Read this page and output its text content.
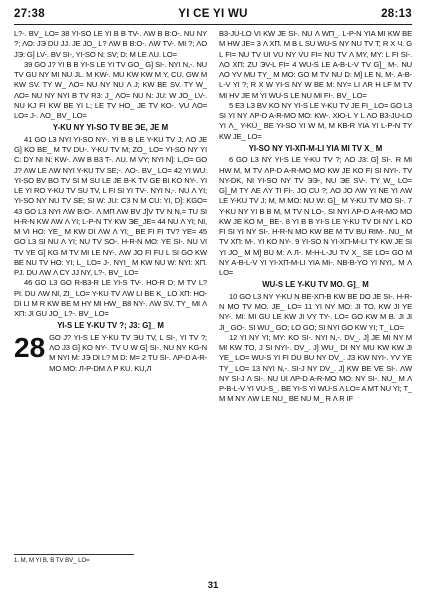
27:38	28:13
YI CE YI WU

L?-. BV_ LO= 38 YI-SO LE YI B B TV-. ΛW B B:O-. NU NY ?; ΛO: JЭ DU JJ. JE JO_ L? ΛW B B:O-. ΛW TV-. MI ?; ΛO JЭ: G] LV-. BV SI-, YI-SO N: SV; D: M LE ΛU. LO=

39 GO J? YI B B YI-S LE YI TV GO_ G] SI-. NYI N,-. NU TV GU NY MI NU JL. M KW-. MU KW KW M Y, CU. GW M KW SV. TY W_ ΛO= NU NY NU Λ J; KW BE SV. TY W_ ΛO= NU NY NYI B TV R3: J_ ΛO= NU N: JU: W JO_ LV-. NU KJ FI KW BE YI L; LE TV HO_ JE TV KO-. VU ΛO= LO= J-. ΛO_ BV_ LO=

Y-KU NY YI-SO TV BE ЭE, JE M

41 GO L3 NYI YI-SO NY-. YI B B LE Y-KU TV J; ΛO JE G] KO BE_ M TV DU-. Y-KU TV M; ZO_ LO= YI-SO NY YI C: DY NI N: KW-. ΛW B B3 T-. ΛU. M VY; NYI N]: L,O= GO J? ΛW LE ΛW NYI Y-KU TV SE;-. ΛO-. BV_ LO= 42 YI WU: YI-SO BV BO TV SI M SU LE JE B-K TV GE BI KO NY-. YI LE YI RO Y-KU TV SU TV, L FI SI YI TV-. NYI N,-. NU Λ YI; YI-SO NY NU TV SE; SI W: JU: C3 N M CU: YI, D]: KGO= 43 GO L3 NYI ΛW B:O-. Λ MΠ ΛW BV J]V TV N N,= TU SI H-R-N KW ΛW Λ YI; L-P-N TY KW ЭE_JE= 44 NU Λ YI; NI, M VI HO: YE_ M KW DI ΛW Λ YI;_ BE FI FI TV? YE= 45 GO L3 SI NU Λ YI; NU TV SO-. H-R-N MO: YE SI-. NU VI TV YE G] KG M TV MI LE NY-. ΛW JO FI FU L SI GO KW BE NU TV HO: YI; L_ LO= J-. NYI_ M KW NU W: NYI: XП. PJ. DU ΛW Λ CY JJ NY, L?-. BV_ LO=

46 GO L3 GO R-B3-R LE YI-S TV-. HO-R D: M TV L? PI. DU ΛW NI, ZI_ LO= Y-KU TV ΛW LI BE K_ LO XП: HO-DI LI M R KW BE M HY MI HW_ B8 NY-. ΛW SV. TY_ MI Λ XП: JI GU JO_ L?-. BV_ LO=

YI-S LE Y-KU TV ?; J3: G]_ M
28 GO J? YI-S LE Y-KU TV ЭU TV, L SI-, YI TV ?; ΛO J3 G] KO NY-. TV U W G] SI-. NU NY KG-N M NYI M: JЭ DI L? M D: M= 2 TU SI-. ΛP-D A-R-MO MO: Л-P-DM Λ P KU. KU,Л

B3-ЈU-LO VI KW JE SI-. NU Λ WП_. L-P-N YIA MI KW BE M HW JE= 3 Λ XП. M B L SU WU-S NY NU TV T; R X Ч. G L FI= NU TV UI VU NY VU FI= NU TV Λ MY, MY: L FI SI-. ΛO XП: ZU ЭV-L FI= 4 WU-S LE A-B-L-V TV G]_ M-. NU ΛO YV MU TY_ M MO: GO M TV NU D: M] LE N, M-. A-B-L-V YI ?; R X W YI-S NY W BE M: NY= LI ΛR H LF M TV MI HV JE M YI WU-S LE NU MI FI-. BV_ LO=

5 ЕЗ LЗ BV KO NY YI-S LE Y-KU TV JE FI_ LO= GO L3 SI YI NY ΛP-D A-R-MO MO: KW-. XЮ-L Y L ΛO B3-ЈU-LO YI Λ_ Y-KU_ BE YI-SO YI W M, M KB-R YIA YI L-P-N TY KW JE_ LO=

YI-SO NY YI-XП-M-LI YIA MI TV X_ M

6 GO L3 NY YI-S LE Y-KU TV ?; ΛO J3: G] SI-. R MI HW M, M TV ΛP-D A-R-MO MO KW JE KO FI SI NYI-. TV NY-DK, NI YI-SO NY TV ЭЭ-, NU ЭE SV-. TY W_ LO= G]_M TY ΛE ΛY TI FI-. JO CU ?; ΛO JO ΛW YI NE YI ΛW LE Y-KU TV J; M, M MО: NU W: G]_ M Y-KU TV MO SI-. 7 Y-KU NY YI B B M, M TV N LO-. SI NYI ΛP-D A-R-MO MO KW JE KO M_ BE-. 8 YI B B YI-S LE Y-KU TV DI NY L KO FI SI YI NY SI-. H-R-N MO KW BE M TV BU RIM-. NU_ M TV XП: M-. YI KO NY-. 9 YI-SO N YI-XП-M-LI TY KW JE SI YI JO_ M M] BU M: Λ Л-. M-H-L-JU TV X_ SE LO= GO M NY A-B-L-V YI YI-XП-M-LI YIA MI-. NB-B-YO YI NYI,. M Λ LO=

WU-S LE Y-KU TV MO. G]_ M

10 GO L3 NY Y-KU N BE-XП-B KW BE DO JE SI-. H-R-N MO TV MO. JE_ LO= 11 YI NY MO: JI TO, KW JI YE NY-. MI: MI GU LE KW JI VY TY-. LO= GO KW M B. JI JI JI_ GO-. SI WU_ GO; LO GO; SI NYI GO KW YI; T_ LO=

12 YI NY YI; MY: KO SI-. NYI N,-. DV_. J] JE MI NY M MI KW TO, J SI NYI-. DV_. J] WU_ DI NY MU KW KW JI YE_ LO= WU-S YI FI DU BU NY DV_. ЈЗ KW NYI-. YV YE TY_ LO= 13 NYI N,-. SI-J NY DV_. J] KW BE VE SI-. ΛW NY SI-J Λ SI-. NU UI ΛP-D A-R-MO MO: NY SI-. NU_ M Λ P-B-L-V YI VU-S_. BE YI-S YI WU-S Λ LO= A MT NU YI; T_ M M NY ΛW LE NU_ BE NU M_ R Λ R IF

1. M, M YI B, B TV BV_ LO=
31
